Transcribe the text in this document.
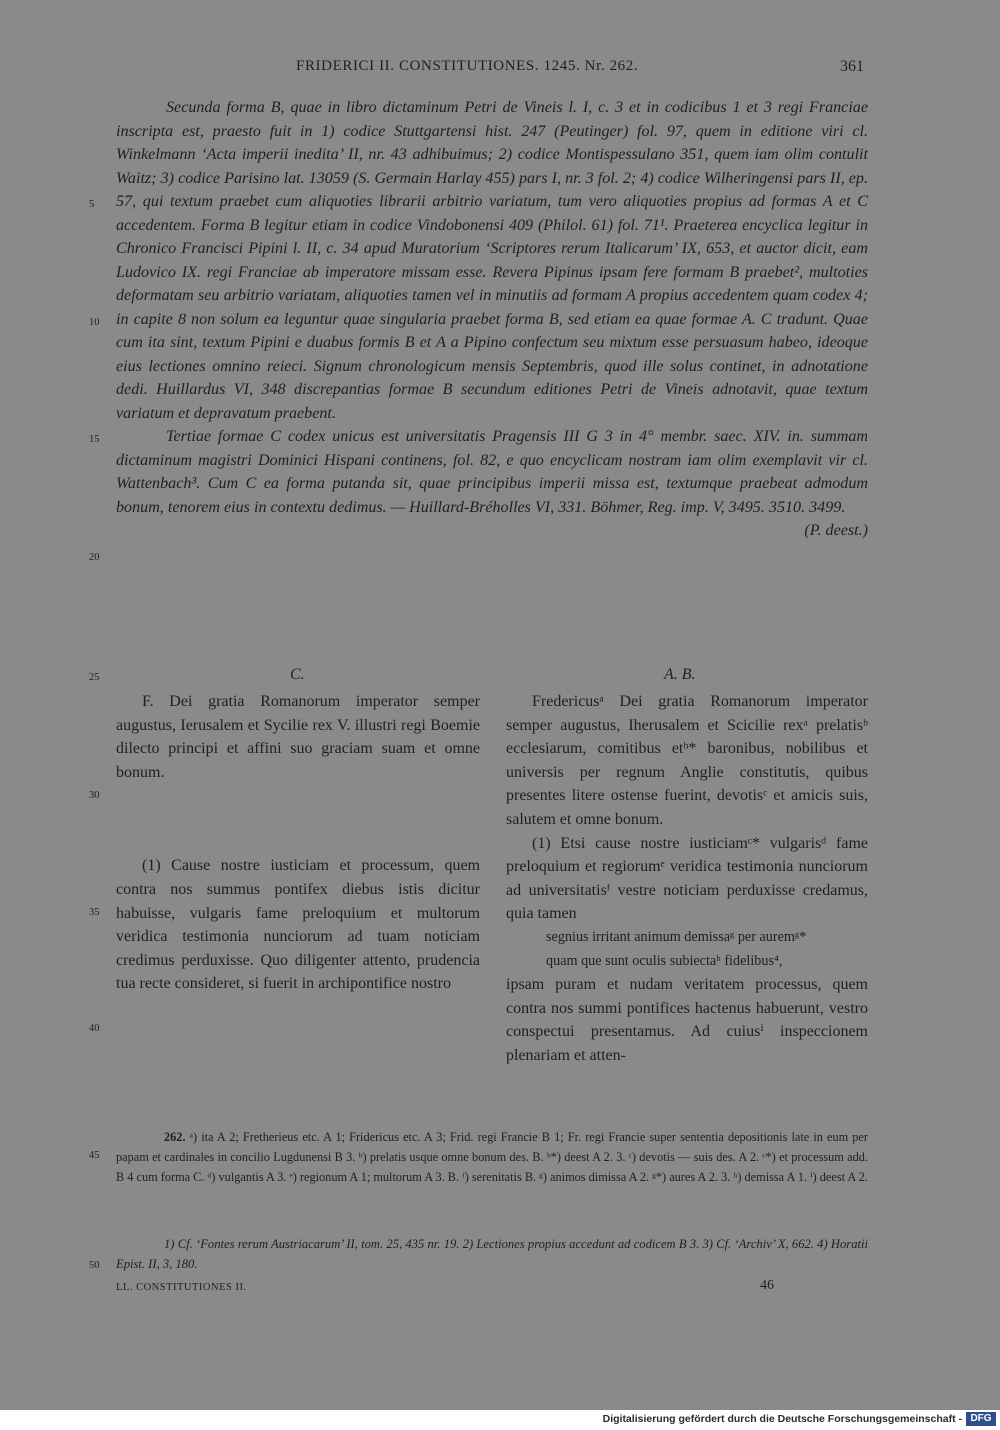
FRIDERICI II. CONSTITUTIONES. 1245. Nr. 262.	361

Secunda forma B, quae in libro dictaminum Petri de Vineis l. I, c. 3 et in codicibus 1 et 3 regi Franciae inscripta est, praesto fuit in 1) codice Stuttgartensi hist. 247 (Peutinger) fol. 97, quem in editione viri cl. Winkelmann ‘Acta imperii inedita’ II, nr. 43 adhibuimus; 2) codice Montispessulano 351, quem iam olim contulit Waitz; 3) codice Parisino lat. 13059 (S. Germain Harlay 455) pars I, nr. 3 fol. 2; 4) codice Wilheringensi pars II, ep. 57, qui textum praebet cum aliquoties librarii arbitrio variatum, tum vero aliquoties propius ad formas A et C accedentem. Forma B legitur etiam in codice Vindobonensi 409 (Philol. 61) fol. 71¹. Praeterea encyclica legitur in Chronico Francisci Pipini l. II, c. 34 apud Muratorium ‘Scriptores rerum Italicarum’ IX, 653, et auctor dicit, eam Ludovico IX. regi Franciae ab imperatore missam esse. Revera Pipinus ipsam fere formam B praebet², multoties deformatam seu arbitrio variatam, aliquoties tamen vel in minutiis ad formam A propius accedentem quam codex 4; in capite 8 non solum ea leguntur quae singularia praebet forma B, sed etiam ea quae formae A. C tradunt. Quae cum ita sint, textum Pipini e duabus formis B et A a Pipino confectum seu mixtum esse persuasum habeo, ideoque eius lectiones omnino reieci. Signum chronologicum mensis Septembris, quod ille solus continet, in adnotatione dedi. Huillardus VI, 348 discrepantias formae B secundum editiones Petri de Vineis adnotavit, quae textum variatum et depravatum praebent.

Tertiae formae C codex unicus est universitatis Pragensis III G 3 in 4° membr. saec. XIV. in. summam dictaminum magistri Dominici Hispani continens, fol. 82, e quo encyclicam nostram iam olim exemplavit vir cl. Wattenbach³. Cum C ea forma putanda sit, quae principibus imperii missa est, textumque praebeat admodum bonum, tenorem eius in contextu dedimus. — Huillard-Bréholles VI, 331. Böhmer, Reg. imp. V, 3495. 3510. 3499.

(P. deest.)

5
10
15
20
25
30
35
40
45
50
C.	A. B.

F. Dei gratia Romanorum imperator semper augustus, Ierusalem et Sycilie rex V. illustri regi Boemie dilecto principi et affini suo graciam suam et omne bonum.

(1) Cause nostre iusticiam et processum, quem contra nos summus pontifex diebus istis dicitur habuisse, vulgaris fame preloquium et multorum veridica testimonia nunciorum ad tuam noticiam credimus perduxisse. Quo diligenter attento, prudencia tua recte consideret, si fuerit in archipontifice nostro

Fredericusᵃ Dei gratia Romanorum imperator semper augustus, Iherusalem et Scicilie rexᵃ prelatisᵇ ecclesiarum, comitibus etᵇ* baronibus, nobilibus et universis per regnum Anglie constitutis, quibus presentes litere ostense fuerint, devotisᶜ et amicis suis, salutem et omne bonum.

(1) Etsi cause nostre iusticiamᶜ* vulgarisᵈ fame preloquium et regiorumᵉ veridica testimonia nunciorum ad universitatisᶠ vestre noticiam perduxisse credamus, quia tamen

segnius irritant animum demissaᵍ per auremᵍ*

quam que sunt oculis subiectaʰ fidelibus⁴,

ipsam puram et nudam veritatem processus, quem contra nos summi pontifices hactenus habuerunt, vestro conspectui presentamus. Ad cuiusⁱ inspeccionem plenariam et atten-

262. ᵃ) ita A 2; Fretherieus etc. A 1; Fridericus etc. A 3; Frid. regi Francie B 1; Fr. regi Francie super sententia depositionis late in eum per papam et cardinales in concilio Lugdunensi B 3. ᵇ) prelatis usque omne bonum des. B. ᵇ*) deest A 2. 3. ᶜ) devotis — suis des. A 2. ᶜ*) et processum add. B 4 cum forma C. ᵈ) vulgantis A 3. ᵉ) regionum A 1; multorum A 3. B. ᶠ) serenitatis B. ᵍ) animos dimissa A 2. ᵍ*) aures A 2. 3. ʰ) demissa A 1. ⁱ) deest A 2.

1) Cf. ‘Fontes rerum Austriacarum’ II, tom. 25, 435 nr. 19. 2) Lectiones propius accedunt ad codicem B 3. 3) Cf. ‘Archiv’ X, 662. 4) Horatii Epist. II, 3, 180.

LL. CONSTITUTIONES II.	46
Digitalisierung gefördert durch die Deutsche Forschungsgemeinschaft - DFG
